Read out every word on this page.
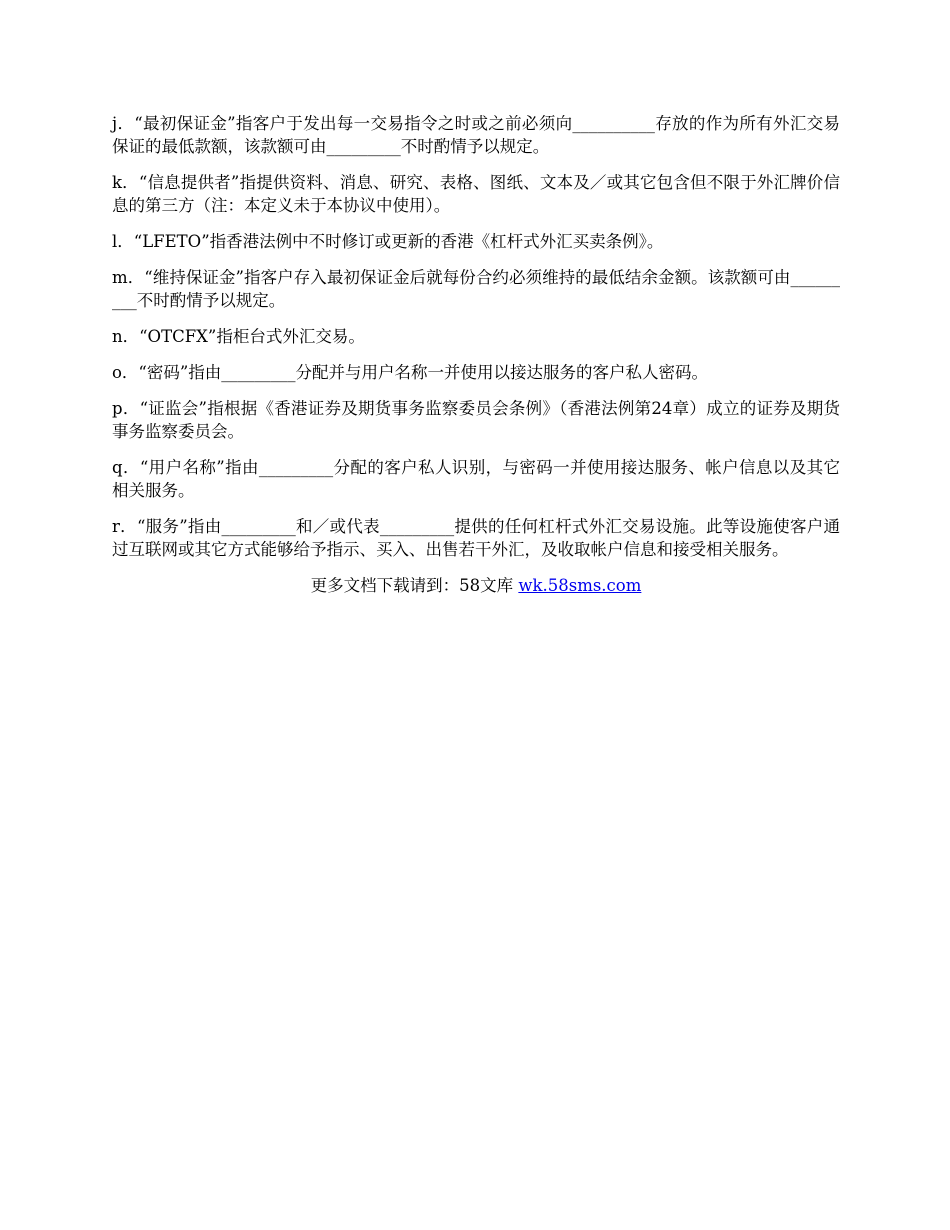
j．“最初保证金”指客户于发出每一交易指令之时或之前必须向__________存放的作为所有外汇交易保证的最低款额，该款额可由_________不时酌情予以规定。

k．“信息提供者”指提供资料、消息、研究、表格、图纸、文本及／或其它包含但不限于外汇牌价信息的第三方（注：本定义未于本协议中使用）。

l．“LFETO”指香港法例中不时修订或更新的香港《杠杆式外汇买卖条例》。

m．“维持保证金”指客户存入最初保证金后就每份合约必须维持的最低结余金额。该款额可由_________不时酌情予以规定。

n．“OTCFX”指柜台式外汇交易。

o．“密码”指由_________分配并与用户名称一并使用以接达服务的客户私人密码。

p．“证监会”指根据《香港证券及期货事务监察委员会条例》（香港法例第24章）成立的证券及期货事务监察委员会。

q．“用户名称”指由_________分配的客户私人识别，与密码一并使用接达服务、帐户信息以及其它相关服务。

r．“服务”指由_________和／或代表_________提供的任何杠杆式外汇交易设施。此等设施使客户通过互联网或其它方式能够给予指示、买入、出售若干外汇，及收取帐户信息和接受相关服务。

更多文档下载请到：58文库 wk.58sms.com
